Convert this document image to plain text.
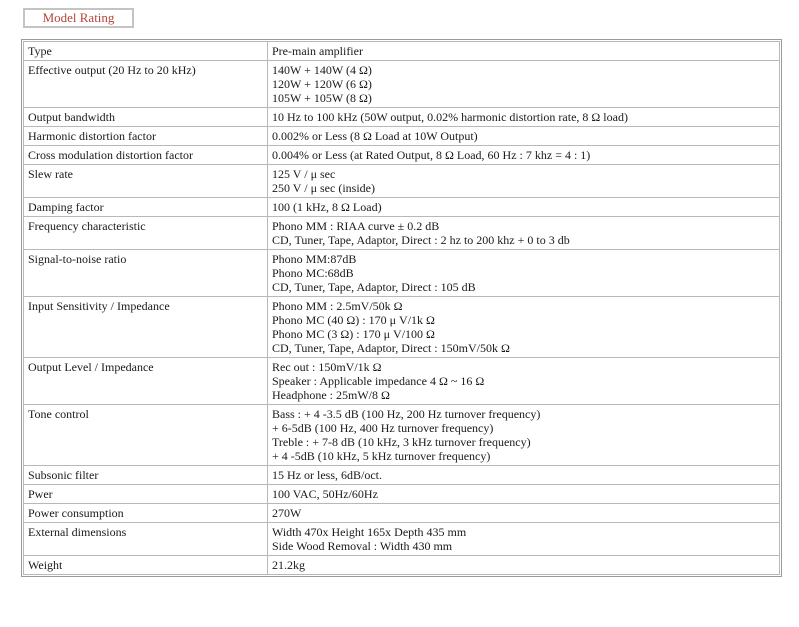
Model Rating
Type	Pre-main amplifier

Effective output (20 Hz to 20 kHz)	140W + 140W (4 Ω)
120W + 120W (6 Ω)
105W + 105W (8 Ω)

Output bandwidth	10 Hz to 100 kHz (50W output, 0.02% harmonic distortion rate, 8 Ω load)

Harmonic distortion factor	0.002% or Less (8 Ω Load at 10W Output)

Cross modulation distortion factor	0.004% or Less (at Rated Output, 8 Ω Load, 60 Hz : 7 khz = 4 : 1)

Slew rate	125 V / μ sec
250 V / μ sec (inside)

Damping factor	100 (1 kHz, 8 Ω Load)

Frequency characteristic	Phono MM : RIAA curve ± 0.2 dB
CD, Tuner, Tape, Adaptor, Direct : 2 hz to 200 khz + 0 to 3 db

Signal-to-noise ratio	Phono MM:87dB
Phono MC:68dB
CD, Tuner, Tape, Adaptor, Direct : 105 dB

Input Sensitivity / Impedance	Phono MM : 2.5mV/50k Ω
Phono MC (40 Ω) : 170 μ V/1k Ω
Phono MC (3 Ω) : 170 μ V/100 Ω
CD, Tuner, Tape, Adaptor, Direct : 150mV/50k Ω

Output Level / Impedance	Rec out : 150mV/1k Ω
Speaker : Applicable impedance 4 Ω ~ 16 Ω
Headphone : 25mW/8 Ω

Tone control	Bass : + 4 -3.5 dB (100 Hz, 200 Hz turnover frequency)
+ 6-5dB (100 Hz, 400 Hz turnover frequency)
Treble : + 7-8 dB (10 kHz, 3 kHz turnover frequency)
+ 4 -5dB (10 kHz, 5 kHz turnover frequency)

Subsonic filter	15 Hz or less, 6dB/oct.

Pwer	100 VAC, 50Hz/60Hz

Power consumption	270W

External dimensions	Width 470x Height 165x Depth 435 mm
Side Wood Removal : Width 430 mm

Weight	21.2kg
